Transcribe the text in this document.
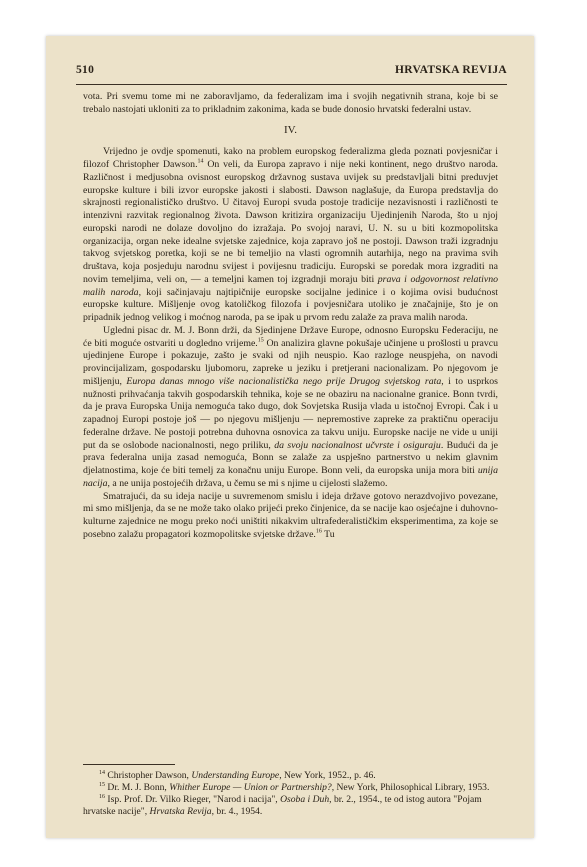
510	HRVATSKA REVIJA

vota. Pri svemu tome mi ne zaboravljamo, da federalizam ima i svojih negativnih strana, koje bi se trebalo nastojati ukloniti za to prikladnim zakonima, kada se bude donosio hrvatski federalni ustav.

IV.

Vrijedno je ovdje spomenuti, kako na problem europskog federalizma gleda poznati povjesničar i filozof Christopher Dawson.$^{14}$ On veli, da Europa zapravo i nije neki kontinent, nego društvo naroda. Različnost i medjusobna ovisnost europskog državnog sustava uvijek su predstavljali bitni preduvjet europske kulture i bili izvor europske jakosti i slabosti. Dawson naglašuje, da Europa predstavlja do skrajnosti regionalističko društvo. U čitavoj Europi svuda postoje tradicije nezavisnosti i različnosti te intenzivni razvitak regionalnog života. Dawson kritizira organizaciju Ujedinjenih Naroda, što u njoj europski narodi ne dolaze dovoljno do izražaja. Po svojoj naravi, U. N. su u biti kozmopolitska organizacija, organ neke idealne svjetske zajednice, koja zapravo još ne postoji. Dawson traži izgradnju takvog svjetskog poretka, koji se ne bi temeljio na vlasti ogromnih autarhija, nego na pravima svih društava, koja posjeduju narodnu svijest i povijesnu tradiciju. Europski se poredak mora izgraditi na novim temeljima, veli on, — a temeljni kamen toj izgradnji moraju biti prava i odgovornost relativno malih naroda, koji sačinjavaju najtipičnije europske socijalne jedinice i o kojima ovisi budućnost europske kulture. Mišljenje ovog katoličkog filozofa i povjesničara utoliko je značajnije, što je on pripadnik jednog velikog i moćnog naroda, pa se ipak u prvom redu zalaže za prava malih naroda.

Ugledni pisac dr. M. J. Bonn drži, da Sjedinjene Države Europe, odnosno Europsku Federaciju, ne će biti moguće ostvariti u dogledno vrijeme.$^{15}$ On analizira glavne pokušaje učinjene u prošlosti u pravcu ujedinjene Europe i pokazuje, zašto je svaki od njih neuspio. Kao razloge neuspjeha, on navodi provincijalizam, gospodarsku ljubomoru, zapreke u jeziku i pretjerani nacionalizam. Po njegovom je mišljenju, Europa danas mnogo više nacionalistička nego prije Drugog svjetskog rata, i to usprkos nužnosti prihvaćanja takvih gospodarskih tehnika, koje se ne obaziru na nacionalne granice. Bonn tvrdi, da je prava Europska Unija nemoguća tako dugo, dok Sovjetska Rusija vlada u istočnoj Evropi. Čak i u zapadnoj Europi postoje još — po njegovu mišljenju — nepremostive zapreke za praktičnu operaciju federalne države. Ne postoji potrebna duhovna osnovica za takvu uniju. Europske nacije ne vide u uniji put da se oslobode nacionalnosti, nego priliku, da svoju nacionalnost učvrste i osiguraju. Budući da je prava federalna unija zasad nemoguća, Bonn se zalaže za uspješno partnerstvo u nekim glavnim djelatnostima, koje će biti temelj za konačnu uniju Europe. Bonn veli, da europska unija mora biti unija nacija, a ne unija postojećih država, u čemu se mi s njime u cijelosti slažemo.

Smatrajući, da su ideja nacije u suvremenom smislu i ideja države gotovo nerazdvojivo povezane, mi smo mišljenja, da se ne može tako olako prijeći preko činjenice, da se nacije kao osjećajne i duhovno-kulturne zajednice ne mogu preko noći uništiti nikakvim ultrafederalističkim eksperimentima, za koje se posebno zalažu propagatori kozmopolitske svjetske države.$^{16}$ Tu

$^{14}$ Christopher Dawson, Understanding Europe, New York, 1952., p. 46.

$^{15}$ Dr. M. J. Bonn, Whither Europe — Union or Partnership?, New York, Philosophical Library, 1953.

$^{16}$ Isp. Prof. Dr. Vilko Rieger, "Narod i nacija", Osoba i Duh, br. 2., 1954., te od istog autora "Pojam hrvatske nacije", Hrvatska Revija, br. 4., 1954.
